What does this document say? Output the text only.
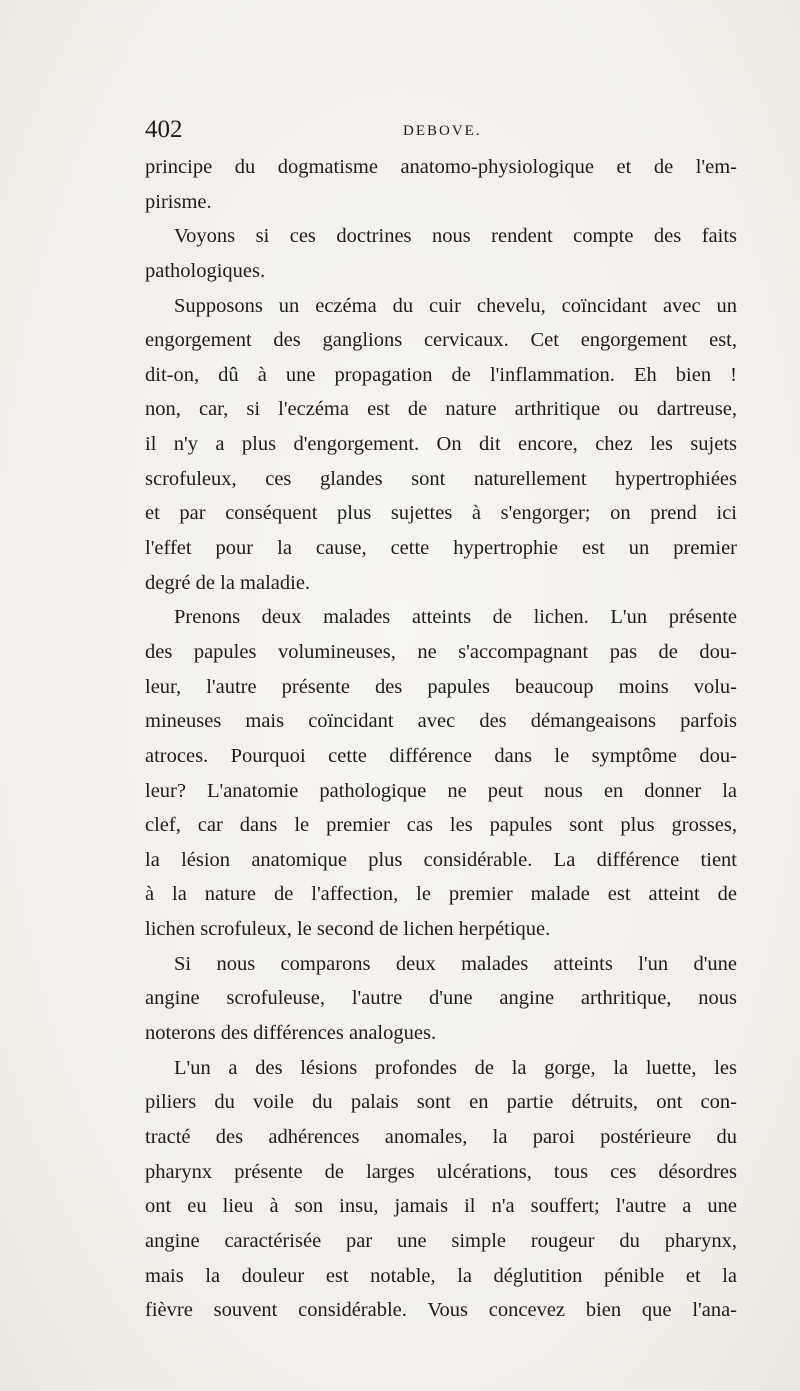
402	DEBOVE.
principe du dogmatisme anatomo-physiologique et de l'em-
pirisme.
Voyons si ces doctrines nous rendent compte des faits
pathologiques.
Supposons un eczéma du cuir chevelu, coïncidant avec un
engorgement des ganglions cervicaux. Cet engorgement est,
dit-on, dû à une propagation de l'inflammation. Eh bien !
non, car, si l'eczéma est de nature arthritique ou dartreuse,
il n'y a plus d'engorgement. On dit encore, chez les sujets
scrofuleux, ces glandes sont naturellement hypertrophiées
et par conséquent plus sujettes à s'engorger; on prend ici
l'effet pour la cause, cette hypertrophie est un premier
degré de la maladie.
Prenons deux malades atteints de lichen. L'un présente
des papules volumineuses, ne s'accompagnant pas de dou-
leur, l'autre présente des papules beaucoup moins volu-
mineuses mais coïncidant avec des démangeaisons parfois
atroces. Pourquoi cette différence dans le symptôme dou-
leur? L'anatomie pathologique ne peut nous en donner la
clef, car dans le premier cas les papules sont plus grosses,
la lésion anatomique plus considérable. La différence tient
à la nature de l'affection, le premier malade est atteint de
lichen scrofuleux, le second de lichen herpétique.
Si nous comparons deux malades atteints l'un d'une
angine scrofuleuse, l'autre d'une angine arthritique, nous
noterons des différences analogues.
L'un a des lésions profondes de la gorge, la luette, les
piliers du voile du palais sont en partie détruits, ont con-
tracté des adhérences anomales, la paroi postérieure du
pharynx présente de larges ulcérations, tous ces désordres
ont eu lieu à son insu, jamais il n'a souffert; l'autre a une
angine caractérisée par une simple rougeur du pharynx,
mais la douleur est notable, la déglutition pénible et la
fièvre souvent considérable. Vous concevez bien que l'ana-
